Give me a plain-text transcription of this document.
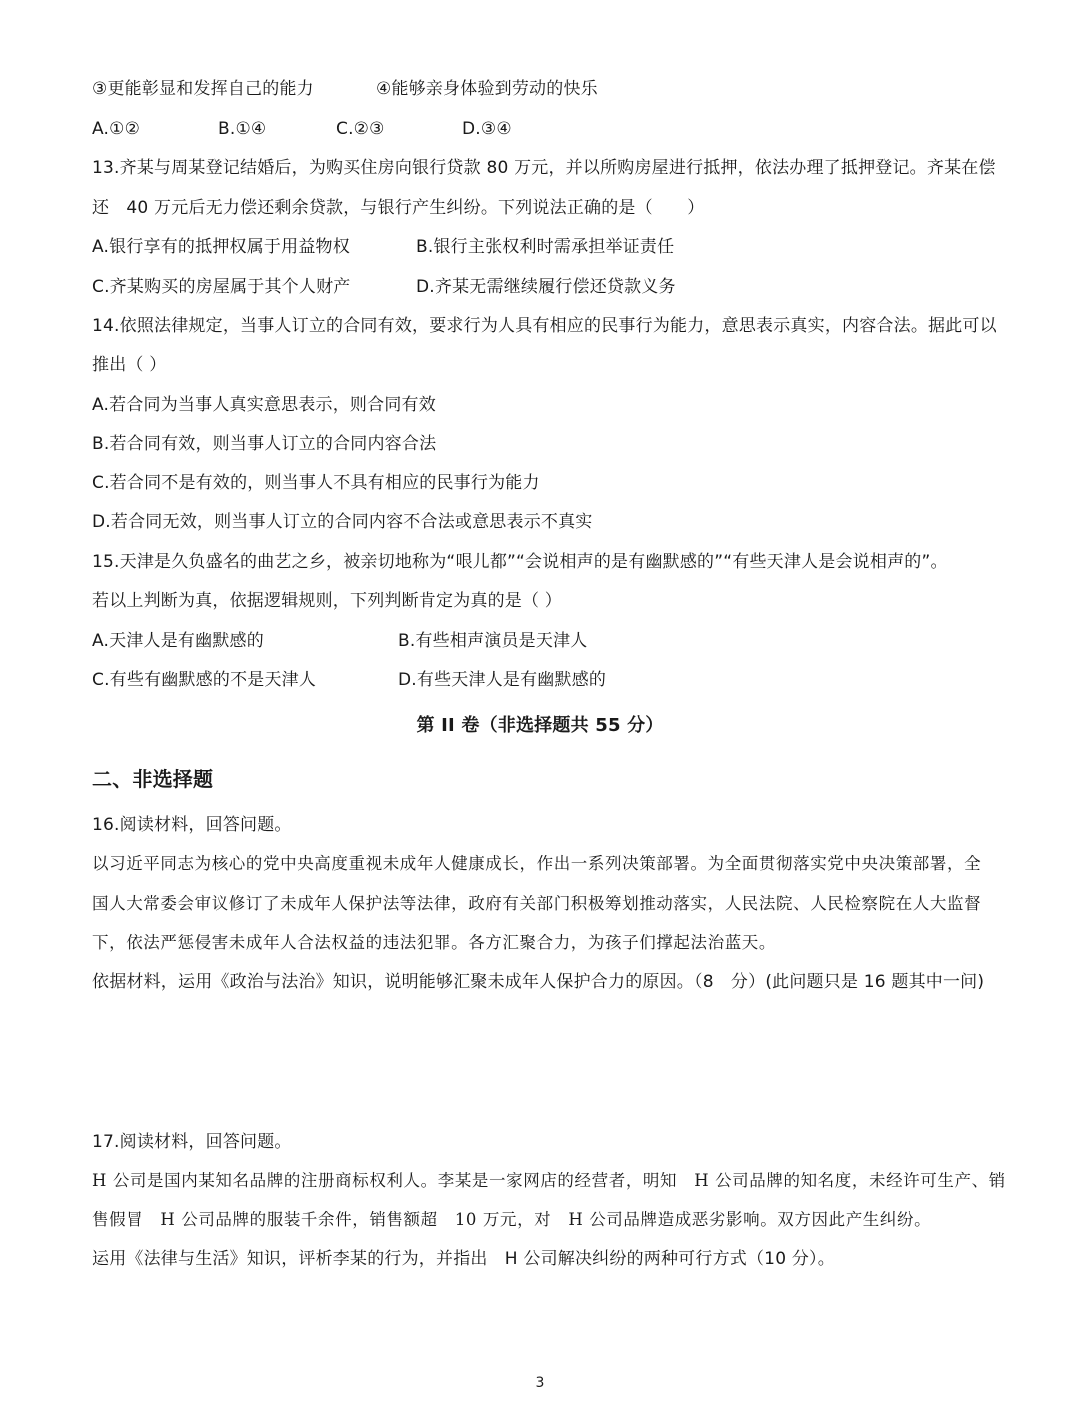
③更能彰显和发挥自己的能力	④能够亲身体验到劳动的快乐
A.①②	B.①④	C.②③	D.③④
13.齐某与周某登记结婚后，为购买住房向银行贷款 80 万元，并以所购房屋进行抵押，依法办理了抵押登记。齐某在偿
还　40 万元后无力偿还剩余贷款，与银行产生纠纷。下列说法正确的是（　　）
A.银行享有的抵押权属于用益物权	B.银行主张权利时需承担举证责任
C.齐某购买的房屋属于其个人财产	D.齐某无需继续履行偿还贷款义务
14.依照法律规定，当事人订立的合同有效，要求行为人具有相应的民事行为能力，意思表示真实，内容合法。据此可以
推出（ ）
A.若合同为当事人真实意思表示，则合同有效
B.若合同有效，则当事人订立的合同内容合法
C.若合同不是有效的，则当事人不具有相应的民事行为能力
D.若合同无效，则当事人订立的合同内容不合法或意思表示不真实
15.天津是久负盛名的曲艺之乡，被亲切地称为“哏儿都”“会说相声的是有幽默感的”“有些天津人是会说相声的”。
若以上判断为真，依据逻辑规则，下列判断肯定为真的是（ ）
A.天津人是有幽默感的	B.有些相声演员是天津人
C.有些有幽默感的不是天津人	D.有些天津人是有幽默感的
第 II 卷（非选择题共 55 分）
二、非选择题
16.阅读材料，回答问题。
以习近平同志为核心的党中央高度重视未成年人健康成长，作出一系列决策部署。为全面贯彻落实党中央决策部署，全
国人大常委会审议修订了未成年人保护法等法律，政府有关部门积极筹划推动落实，人民法院、人民检察院在人大监督
下，依法严惩侵害未成年人合法权益的违法犯罪。各方汇聚合力，为孩子们撑起法治蓝天。
依据材料，运用《政治与法治》知识，说明能够汇聚未成年人保护合力的原因。（8　分）(此问题只是 16 题其中一问)
17.阅读材料，回答问题。
H 公司是国内某知名品牌的注册商标权利人。李某是一家网店的经营者，明知　H 公司品牌的知名度，未经许可生产、销
售假冒　H 公司品牌的服装千余件，销售额超　10 万元，对　H 公司品牌造成恶劣影响。双方因此产生纠纷。
运用《法律与生活》知识，评析李某的行为，并指出　H 公司解决纠纷的两种可行方式（10 分）。
3
